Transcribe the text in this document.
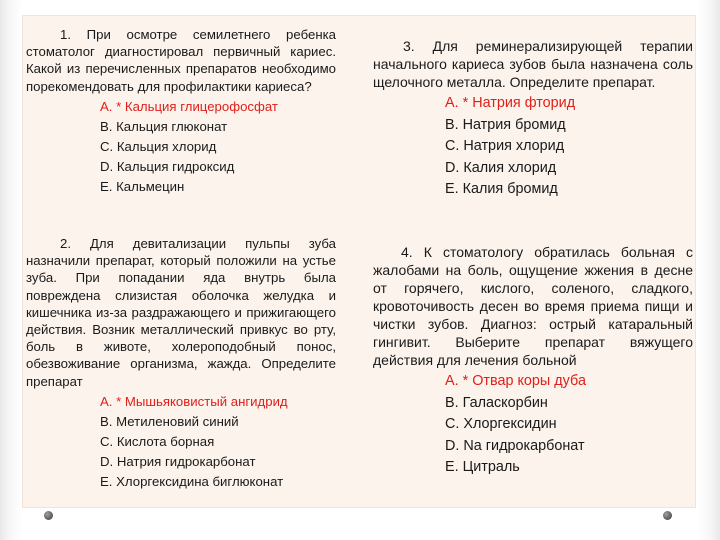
1. При осмотре семилетнего ребенка стоматолог диагностировал первичный кариес. Какой из перечисленных препаратов необходимо порекомендовать для профилактики кариеса?

A. * Кальция глицерофосфат
B. Кальция глюконат
C. Кальция хлорид
D. Кальция гидроксид
E. Кальмецин

2. Для девитализации пульпы зуба назначили препарат, который положили на устье зуба. При попадании яда внутрь была повреждена слизистая оболочка желудка и кишечника из-за раздражающего и прижигающего действия. Возник металлический привкус во рту, боль в животе, холероподобный понос, обезвоживание организма, жажда. Определите препарат

A. * Мышьяковистый ангидрид
B. Метиленовий синий
C. Кислота борная
D. Натрия гидрокарбонат
E. Хлоргексидина биглюконат

3. Для реминерализирующей терапии начального кариеса зубов была назначена соль щелочного металла. Определите препарат.

A. * Натрия фторид
B. Натрия бромид
C. Натрия хлорид
D. Калия хлорид
E. Калия бромид

4. К стоматологу обратилась больная с жалобами на боль, ощущение жжения в десне от горячего, кислого, соленого, сладкого, кровоточивость десен во время приема пищи и чистки зубов. Диагноз: острый катаральный гингивит. Выберите препарат вяжущего действия для лечения больной

A. * Отвар коры дуба
B. Галаскорбин
C. Хлоргексидин
D. Na гидрокарбонат
E. Цитраль
